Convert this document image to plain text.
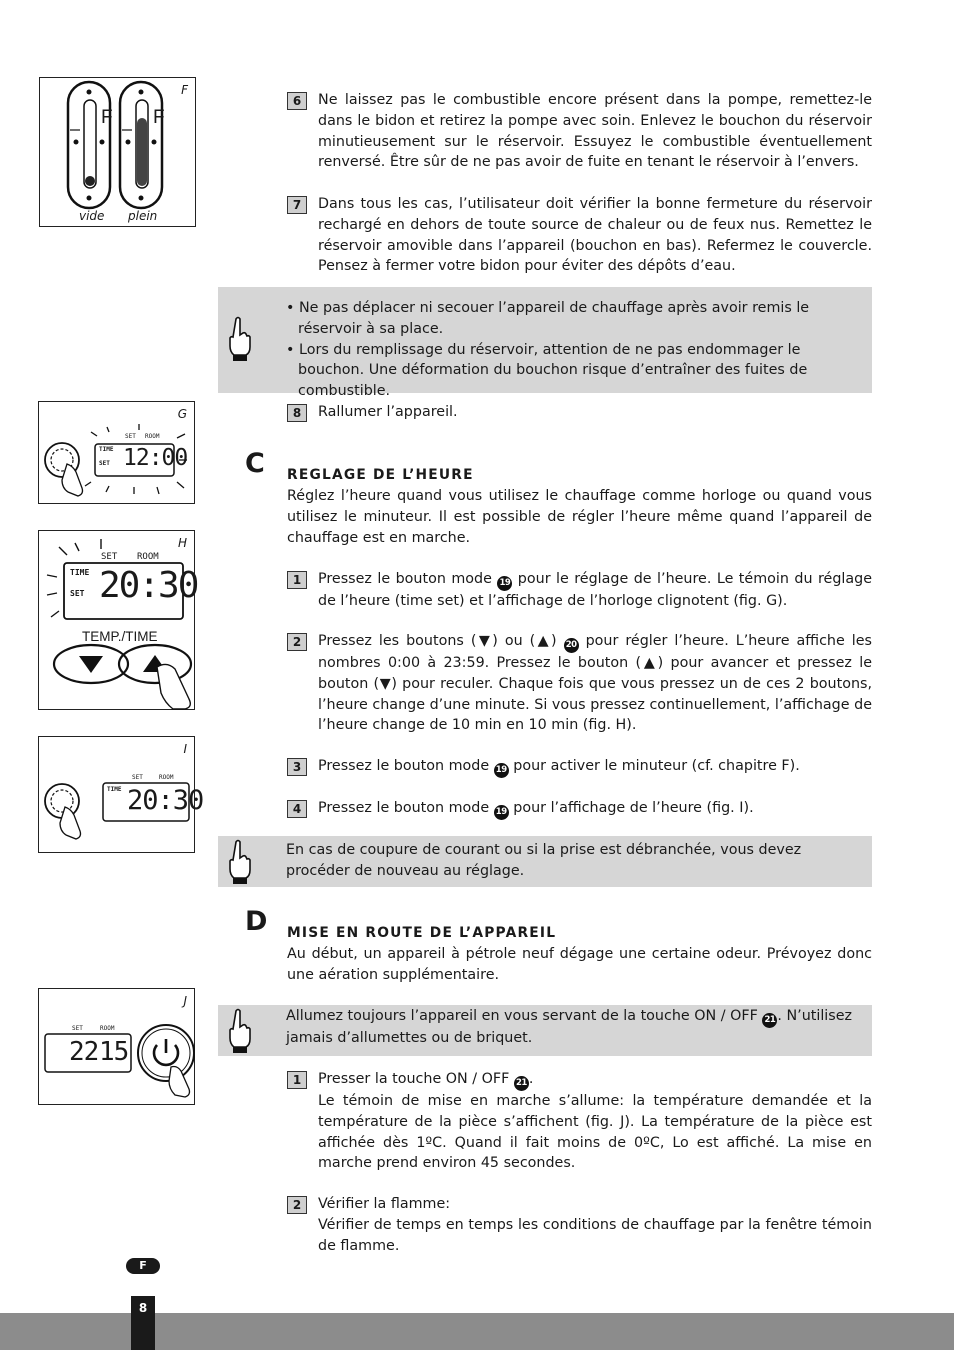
F
F F
vide plein
G
SET ROOM
TIME
SET 12:00
H
SET ROOM
TIME
SET 20:30
TEMP./TIME
I
SET	ROOM
TIME 20:30
J
SET	ROOM
22 15
6	Ne laissez pas le combustible encore présent dans la pompe, remettez-le dans le bidon et retirez la pompe avec soin. Enlevez le bouchon du réservoir minutieusement sur le réservoir. Essuyez le combustible éventuellement renversé. Être sûr de ne pas avoir de fuite en tenant le réservoir à l’envers.
7	Dans tous les cas, l’utilisateur doit vérifier la bonne fermeture du réservoir rechargé en dehors de toute source de chaleur ou de feux nus. Remettez le réservoir amovible dans l’appareil (bouchon en bas). Refermez le couvercle. Pensez à fermer votre bidon pour éviter des dépôts d’eau.
• Ne pas déplacer ni secouer l’appareil de chauffage après avoir remis le réservoir à sa place.
• Lors du remplissage du réservoir, attention de ne pas endommager le bouchon. Une déformation du bouchon risque d’entraîner des fuites de combustible.
8	Rallumer l’appareil.
C REGLAGE DE L’HEURE
Réglez l’heure quand vous utilisez le chauffage comme horloge ou quand vous utilisez le minuteur. Il est possible de régler l’heure même quand l’appareil de chauffage est en marche.
1	Pressez le bouton mode 19 pour le réglage de l’heure. Le témoin du réglage de l’heure (time set) et l’affichage de l’horloge clignotent (fig. G).
2	Pressez les boutons (▼) ou (▲) 20 pour régler l’heure. L’heure affiche les nombres 0:00 à 23:59. Pressez le bouton (▲) pour avancer et pressez le bouton (▼) pour reculer. Chaque fois que vous pressez un de ces 2 boutons, l’heure change d’une minute. Si vous pressez continuellement, l’affichage de l’heure change de 10 min en 10 min (fig. H).
3	Pressez le bouton mode 19 pour activer le minuteur (cf. chapitre F).
4	Pressez le bouton mode 19 pour l’affichage de l’heure (fig. I).
En cas de coupure de courant ou si la prise est débranchée, vous devez procéder de nouveau au réglage.
D MISE EN ROUTE DE L’APPAREIL
Au début, un appareil à pétrole neuf dégage une certaine odeur. Prévoyez donc une aération supplémentaire.
Allumez toujours l’appareil en vous servant de la touche ON / OFF 21 . N’utilisez jamais d’allumettes ou de briquet.
1	Presser la touche ON / OFF 21 .
Le témoin de mise en marche s’allume: la température demandée et la température de la pièce s’affichent (fig. J). La température de la pièce est affichée dès 1ºC. Quand il fait moins de 0ºC, Lo est affiché. La mise en marche prend environ 45 secondes.
2	Vérifier la flamme:
Vérifier de temps en temps les conditions de chauffage par la fenêtre témoin de flamme.
F
8
